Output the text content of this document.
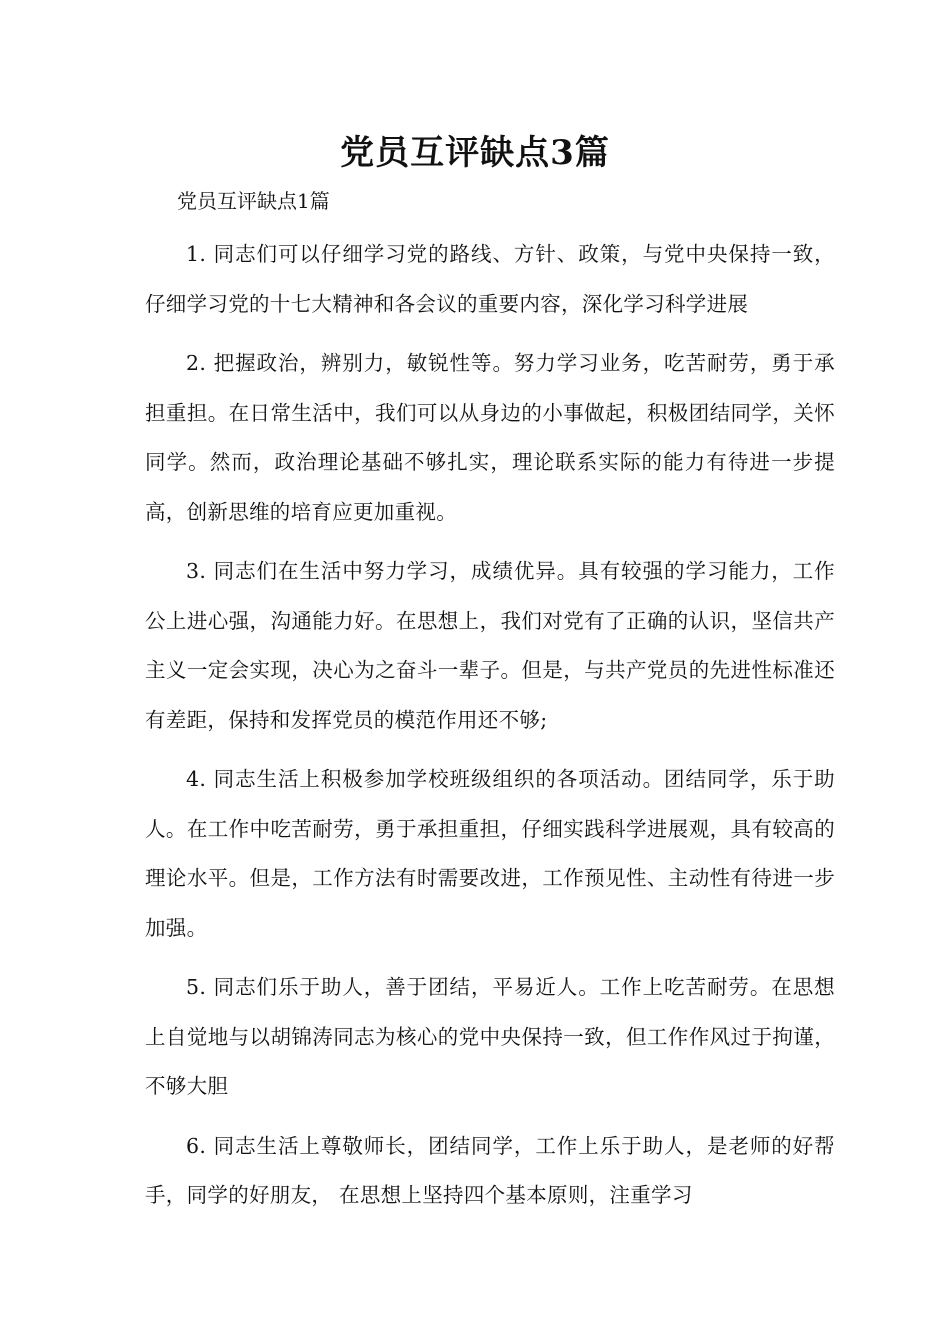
党员互评缺点3篇

党员互评缺点1篇

1. 同志们可以仔细学习党的路线、方针、政策，与党中央保持一致，仔细学习党的十七大精神和各会议的重要内容，深化学习科学进展

2. 把握政治，辨别力，敏锐性等。努力学习业务，吃苦耐劳，勇于承担重担。在日常生活中，我们可以从身边的小事做起，积极团结同学，关怀同学。然而，政治理论基础不够扎实，理论联系实际的能力有待进一步提高，创新思维的培育应更加重视。

3. 同志们在生活中努力学习，成绩优异。具有较强的学习能力，工作公上进心强，沟通能力好。在思想上，我们对党有了正确的认识，坚信共产主义一定会实现，决心为之奋斗一辈子。但是，与共产党员的先进性标准还有差距，保持和发挥党员的模范作用还不够;

4. 同志生活上积极参加学校班级组织的各项活动。团结同学，乐于助人。在工作中吃苦耐劳，勇于承担重担，仔细实践科学进展观，具有较高的理论水平。但是，工作方法有时需要改进，工作预见性、主动性有待进一步加强。

5. 同志们乐于助人，善于团结，平易近人。工作上吃苦耐劳。在思想上自觉地与以胡锦涛同志为核心的党中央保持一致，但工作作风过于拘谨，不够大胆

6. 同志生活上尊敬师长，团结同学，工作上乐于助人，是老师的好帮手，同学的好朋友， 在思想上坚持四个基本原则，注重学习
